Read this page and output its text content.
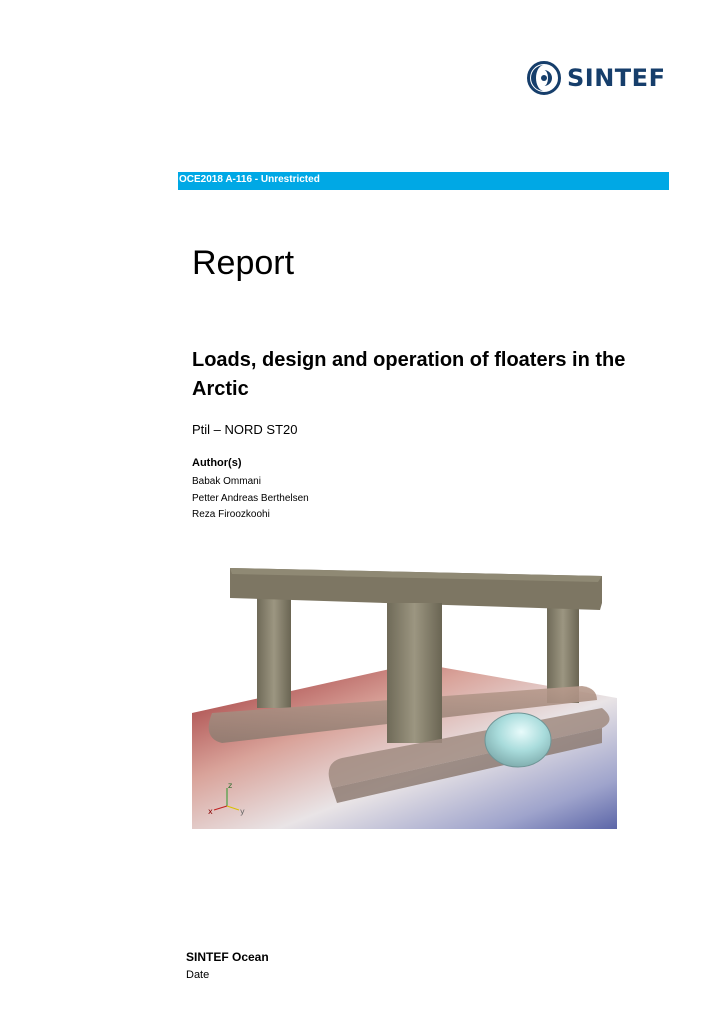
SINTEF
OCE2018 A-116 - Unrestricted
Report
Loads, design and operation of floaters in the Arctic
Ptil – NORD ST20
Author(s)
Babak Ommani
Petter Andreas Berthelsen
Reza Firoozkoohi
z
x	y
SINTEF Ocean
Date
